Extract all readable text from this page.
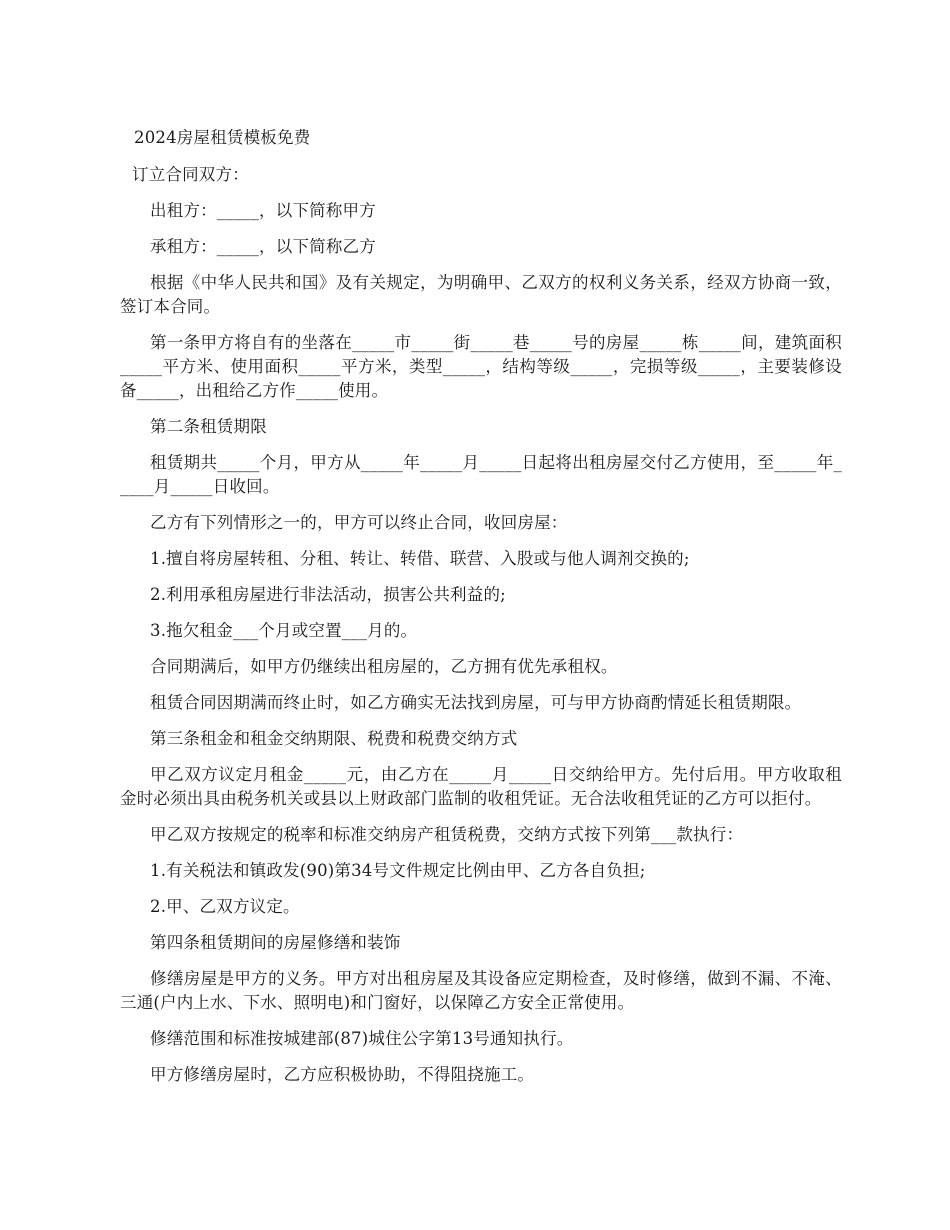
2024房屋租赁模板免费

订立合同双方：

出租方：_____，以下简称甲方

承租方：_____，以下简称乙方

根据《中华人民共和国》及有关规定，为明确甲、乙双方的权利义务关系，经双方协商一致，签订本合同。

第一条甲方将自有的坐落在_____市_____街_____巷_____号的房屋_____栋_____间，建筑面积_____平方米、使用面积_____平方米，类型_____，结构等级_____，完损等级_____，主要装修设备_____，出租给乙方作_____使用。

第二条租赁期限

租赁期共_____个月，甲方从_____年_____月_____日起将出租房屋交付乙方使用，至_____年_____月_____日收回。

乙方有下列情形之一的，甲方可以终止合同，收回房屋：

1.擅自将房屋转租、分租、转让、转借、联营、入股或与他人调剂交换的;

2.利用承租房屋进行非法活动，损害公共利益的;

3.拖欠租金___个月或空置___月的。

合同期满后，如甲方仍继续出租房屋的，乙方拥有优先承租权。

租赁合同因期满而终止时，如乙方确实无法找到房屋，可与甲方协商酌情延长租赁期限。

第三条租金和租金交纳期限、税费和税费交纳方式

甲乙双方议定月租金_____元，由乙方在_____月_____日交纳给甲方。先付后用。甲方收取租金时必须出具由税务机关或县以上财政部门监制的收租凭证。无合法收租凭证的乙方可以拒付。

甲乙双方按规定的税率和标准交纳房产租赁税费，交纳方式按下列第___款执行：

1.有关税法和镇政发(90)第34号文件规定比例由甲、乙方各自负担;

2.甲、乙双方议定。

第四条租赁期间的房屋修缮和装饰

修缮房屋是甲方的义务。甲方对出租房屋及其设备应定期检查，及时修缮，做到不漏、不淹、三通(户内上水、下水、照明电)和门窗好，以保障乙方安全正常使用。

修缮范围和标准按城建部(87)城住公字第13号通知执行。

甲方修缮房屋时，乙方应积极协助，不得阻挠施工。
